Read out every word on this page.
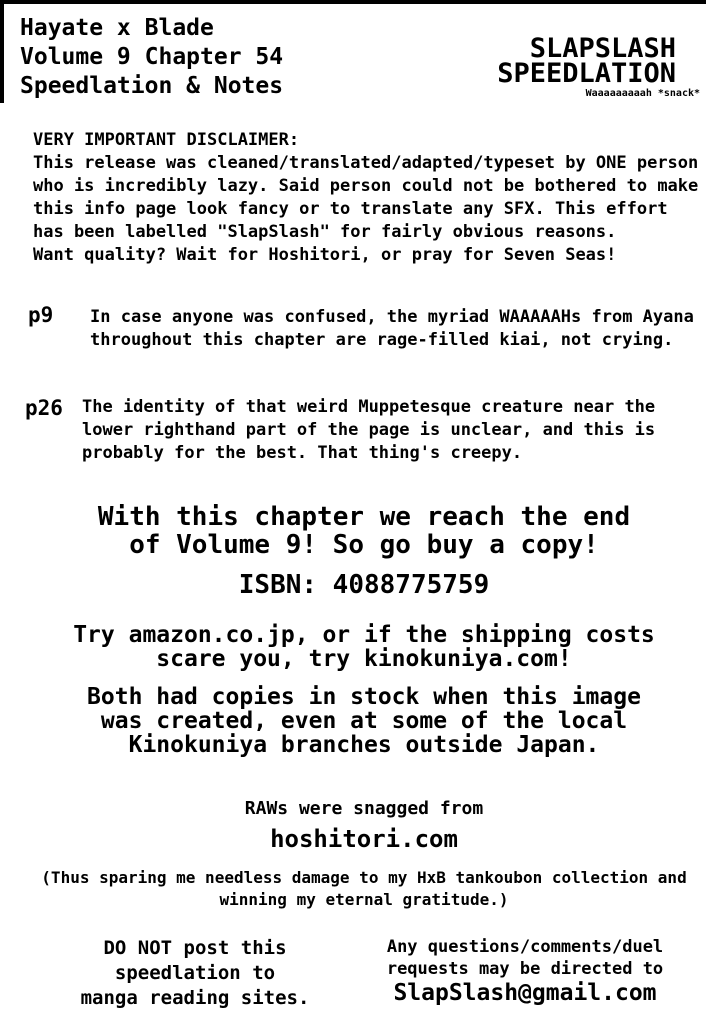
Hayate x Blade
Volume 9 Chapter 54
Speedlation & Notes
SLAPSLASH
SPEEDLATION
Waaaaaaaaah *snack*
VERY IMPORTANT DISCLAIMER:
This release was cleaned/translated/adapted/typeset by ONE person
who is incredibly lazy. Said person could not be bothered to make
this info page look fancy or to translate any SFX. This effort
has been labelled "SlapSlash" for fairly obvious reasons.
Want quality? Wait for Hoshitori, or pray for Seven Seas!
p9 In case anyone was confused, the myriad WAAAAAHs from Ayana
throughout this chapter are rage-filled kiai, not crying.
p26 The identity of that weird Muppetesque creature near the
lower righthand part of the page is unclear, and this is
probably for the best. That thing's creepy.
With this chapter we reach the end
of Volume 9! So go buy a copy!
ISBN: 4088775759
Try amazon.co.jp, or if the shipping costs
scare you, try kinokuniya.com!
Both had copies in stock when this image
was created, even at some of the local
Kinokuniya branches outside Japan.
RAWs were snagged from
hoshitori.com
(Thus sparing me needless damage to my HxB tankoubon collection and
winning my eternal gratitude.)
DO NOT post this
speedlation to
manga reading sites.
Any questions/comments/duel
requests may be directed to
SlapSlash@gmail.com
